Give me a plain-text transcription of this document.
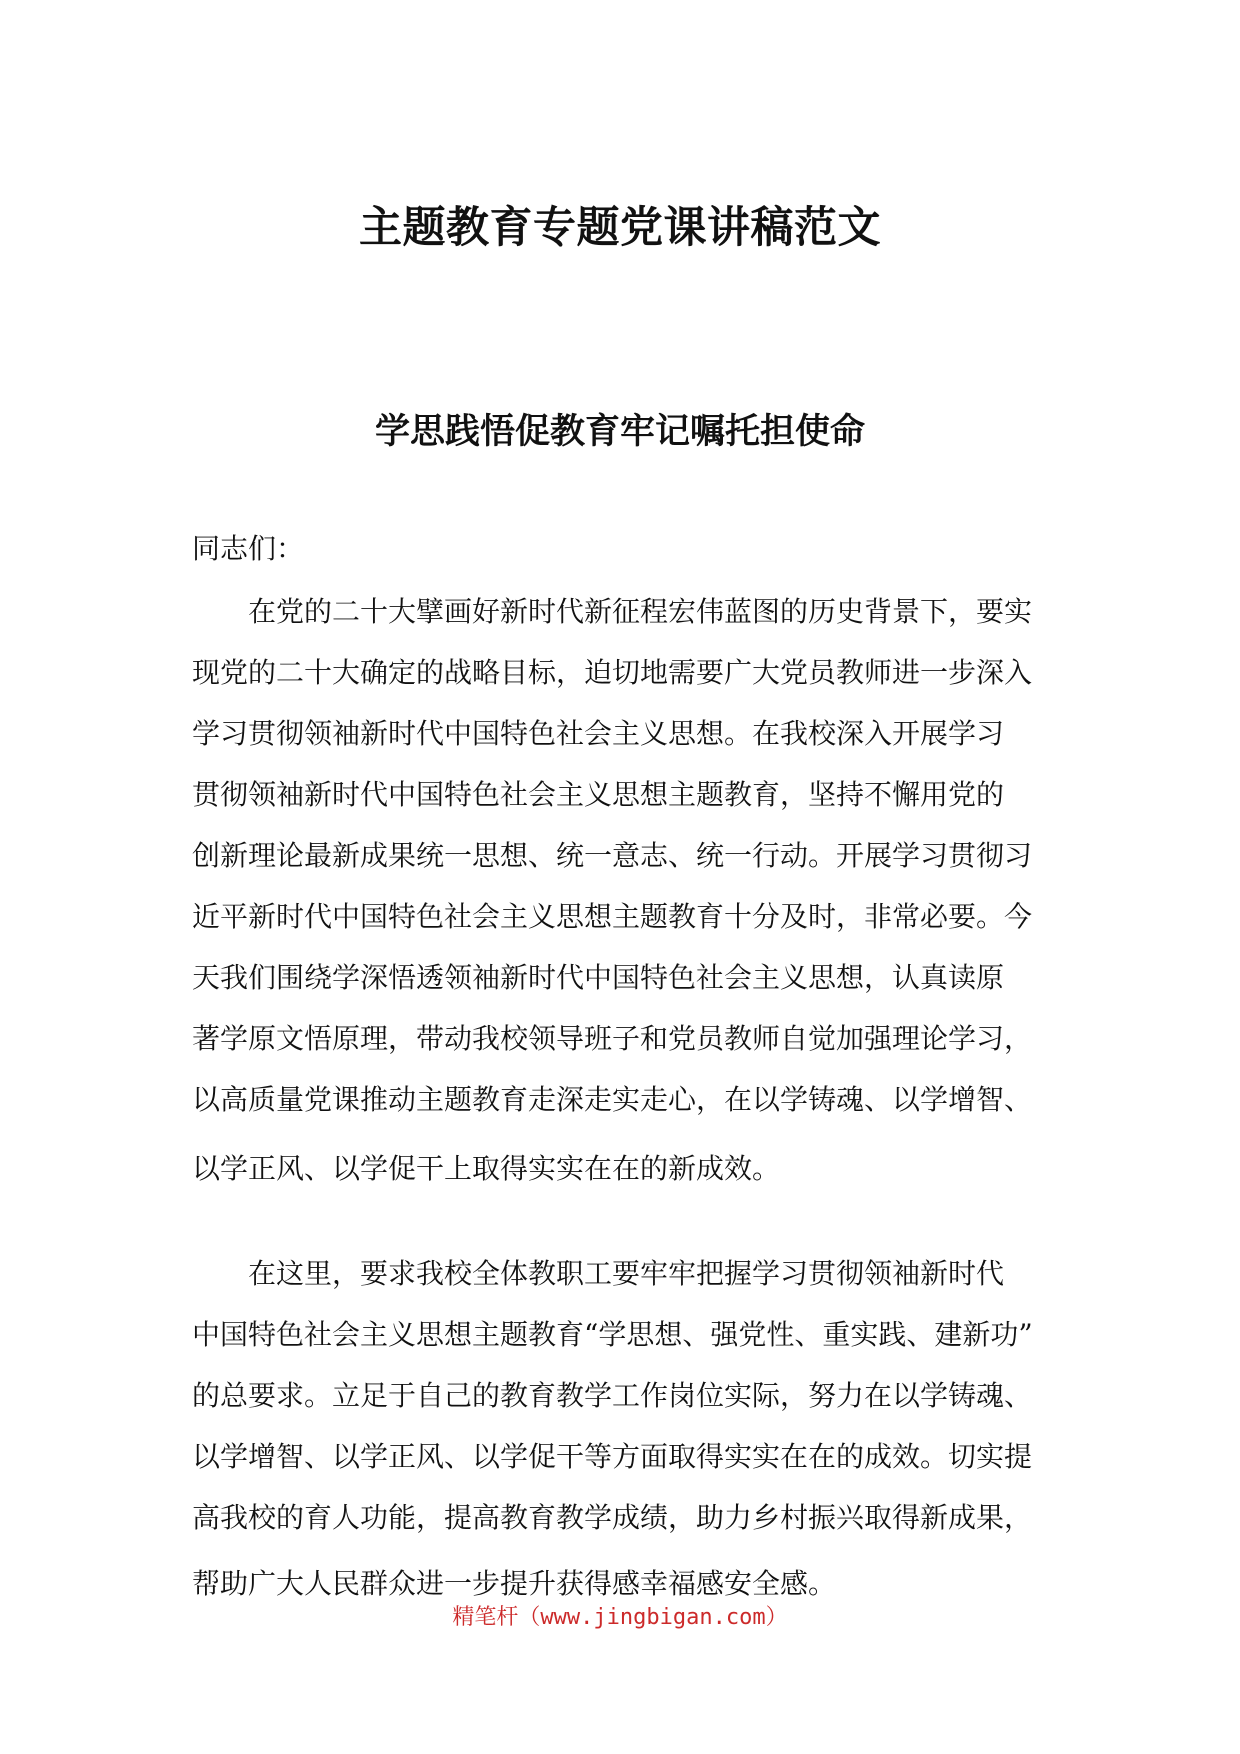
主题教育专题党课讲稿范文
学思践悟促教育牢记嘱托担使命

同志们：

在党的二十大擘画好新时代新征程宏伟蓝图的历史背景下，要实

现党的二十大确定的战略目标，迫切地需要广大党员教师进一步深入

学习贯彻领袖新时代中国特色社会主义思想。在我校深入开展学习

贯彻领袖新时代中国特色社会主义思想主题教育，坚持不懈用党的

创新理论最新成果统一思想、统一意志、统一行动。开展学习贯彻习

近平新时代中国特色社会主义思想主题教育十分及时，非常必要。今

天我们围绕学深悟透领袖新时代中国特色社会主义思想，认真读原

著学原文悟原理，带动我校领导班子和党员教师自觉加强理论学习，

以高质量党课推动主题教育走深走实走心，在以学铸魂、以学增智、

以学正风、以学促干上取得实实在在的新成效。

在这里，要求我校全体教职工要牢牢把握学习贯彻领袖新时代

中国特色社会主义思想主题教育“学思想、强党性、重实践、建新功”

的总要求。立足于自己的教育教学工作岗位实际，努力在以学铸魂、

以学增智、以学正风、以学促干等方面取得实实在在的成效。切实提

高我校的育人功能，提高教育教学成绩，助力乡村振兴取得新成果，

帮助广大人民群众进一步提升获得感幸福感安全感。

精笔杆（www.jingbigan.com）
